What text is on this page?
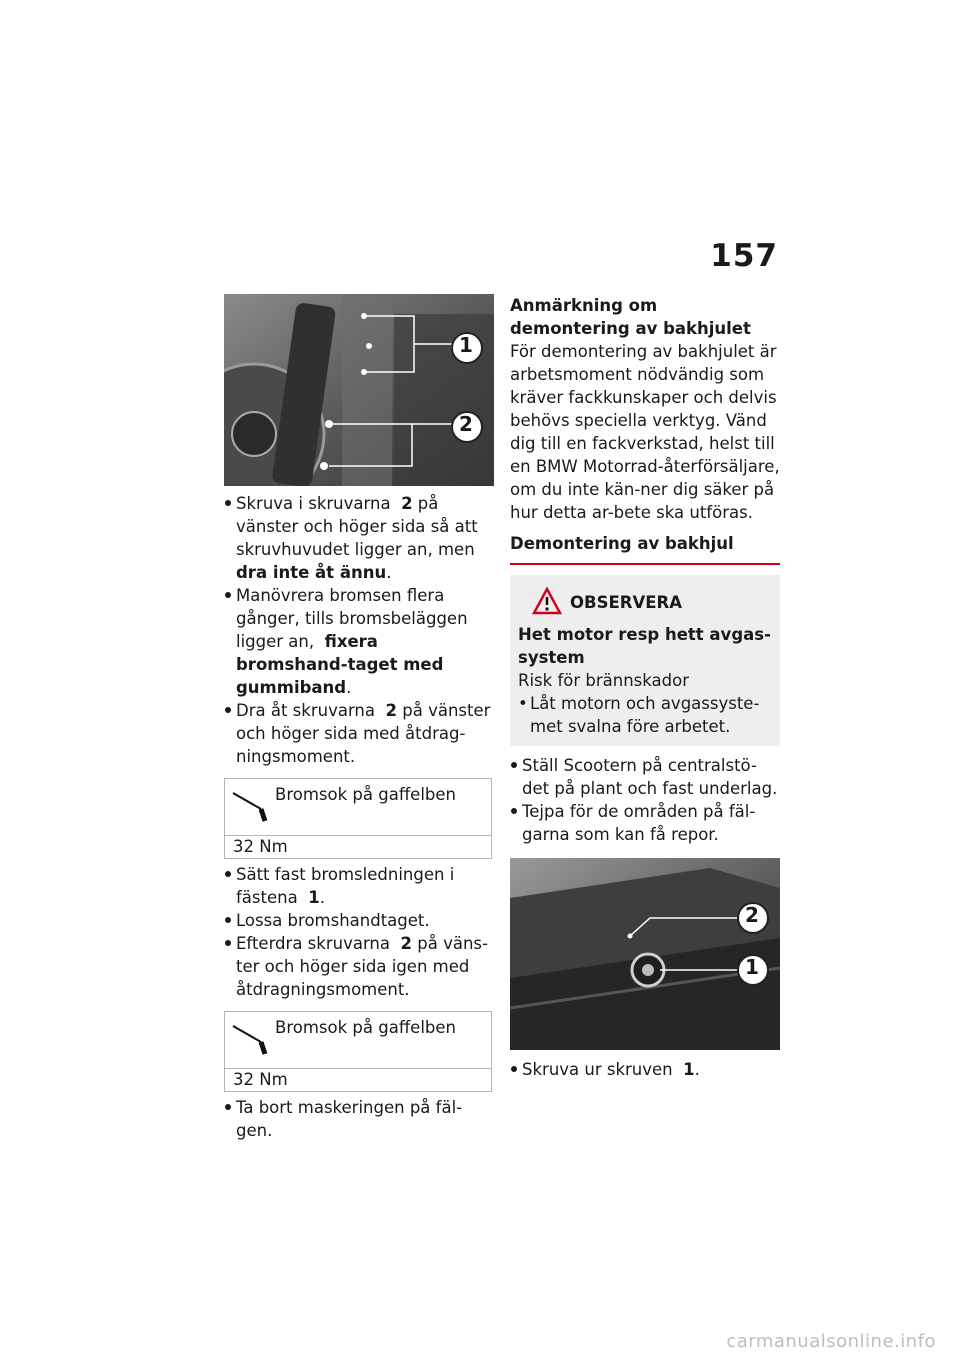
157
1
2
Skruva i skruvarna 2 på vänster och höger sida så att skruvhuvudet ligger an, men dra inte åt ännu.
Manövrera bromsen flera gånger, tills bromsbeläggen ligger an, fixera bromshand-taget med gummiband.
Dra åt skruvarna 2 på vänster och höger sida med åtdrag-ningsmoment.
Bromsok på gaffelben
32 Nm
Sätt fast bromsledningen i fästena 1.
Lossa bromshandtaget.
Efterdra skruvarna 2 på väns-ter och höger sida igen med åtdragningsmoment.
Bromsok på gaffelben
32 Nm
Ta bort maskeringen på fäl-gen.

Anmärkning om demontering av bakhjulet

För demontering av bakhjulet är arbetsmoment nödvändig som kräver fackkunskaper och delvis behövs speciella verktyg. Vänd dig till en fackverkstad, helst till en BMW Motorrad-återförsäljare, om du inte kän-ner dig säker på hur detta ar-bete ska utföras.

Demontering av bakhjul
OBSERVERA
Het motor resp hett avgas-system
Risk för brännskador
• Låt motorn och avgassyste-met svalna före arbetet.
Ställ Scootern på centralstö-det på plant och fast underlag.
Tejpa för de områden på fäl-garna som kan få repor.
2
1
Skruva ur skruven 1.
carmanualsonline.info
